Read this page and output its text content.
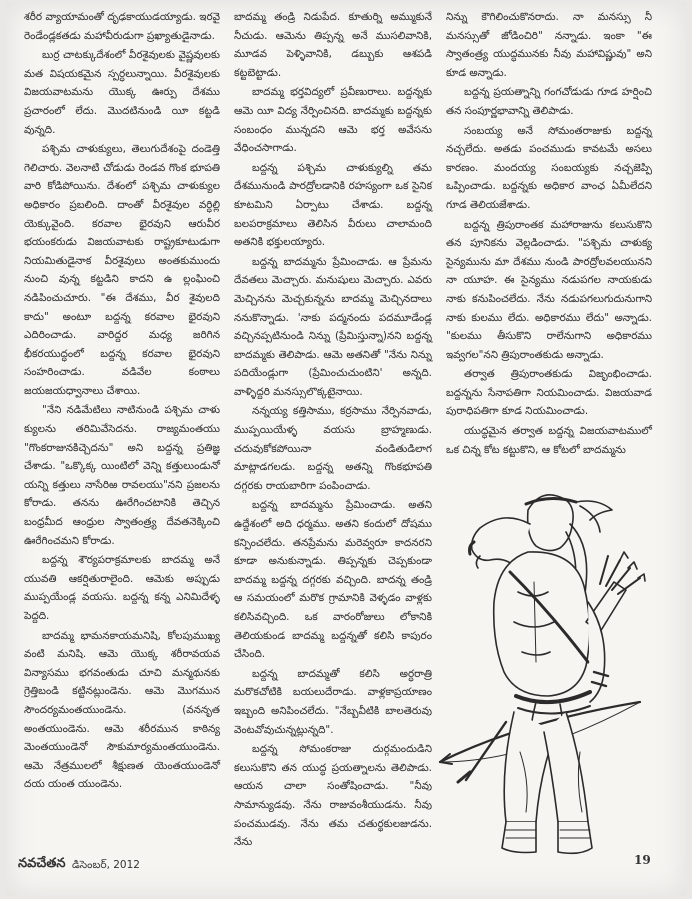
శరీర వ్యాయామంతో దృఢకాయుడయ్యాడు. ఇరవై రెండేండ్లకతడు మహావీరుడుగా ప్రఖ్యాతుడైనాడు.

బుర్ర చాటక్కుదేశంలో వీరశైవులకు వైష్ణవులకు మత విషయకమైన స్పర్ధలున్నాయి. వీరశైవులకు విజయవాటమను యొక్క ఊర్పు దేశము ప్రచారంలో లేదు. మొదటినుండి యీ కట్టడి వున్నది.

పశ్చిమ చాళుక్యులు, తెలుగుదేశంపై దండెత్తి గెలిచారు. వెలనాటి చోడుడు రెండవ గొంక భూపతి వారి కోడిపోయిను. దేశంలో పశ్చిమ చాళుక్యుల అధికారం ప్రబలింది. దాంతో వీరశైవుల వర్ధిల్లి యెక్కువైంది. కరవాల భైరవుని ఆరువీర భయంకరుడు విజయవాటకు రాష్ట్రకూటుడుగా నియమితుడైనాక వీరశైవులు అంతకుముందు నుంచి వున్న కట్టడిని కాదని ఉ ల్లంఘించి నడిపించుచూరు. "ఈ దేశము, వీర శైవులది కాదు" అంటూ బద్దన్న కరవాల భైరవుని ఎదిరించాడు. వారిద్దర మధ్య జరిగిన భీకరయుద్ధంలో బద్దన్న కరవాల భైరవుని సంహరించాడు. వడివేల కంఠాలు జయజయధ్వానాలు చేశాయి.

"నేని నడిమేటిలు నాటినుండి పశ్చిమ చాళు క్యులను తరిమివేసెదను. రాజ్యమంతయు "గొంకరాజునకిచ్చెదను" అని బద్దన్న ప్రతిజ్ఞ చేశాడు. "ఒక్కొక్క యింటిలో వెన్ని కత్తులుండునో యన్ని కత్తులు నాసేరిఱ రావలయు"నని ప్రజలను కోరాడు. తనను ఊరేగించటానికి తెచ్చిన బంధ్రమీద ఆంధ్రుల స్వాతంత్ర్య దేవతనెక్కించి ఊరేగించమని కోరాడు.

బద్దన్న శౌర్యపరాక్రమాలకు బాదమ్మ అనే యువతి ఆకర్షితురాలైంది. ఆమెకు అప్పుడు ముప్పయేండ్ల వయసు. బద్దన్న కన్న ఎనిమిదేళ్ళ పెద్దది.

బాదమ్మ భామనకాయమనిషి, కోలపుముఖ్య వంటి మనిషి. ఆమె యొక్క శరీరావయవ విన్యాసము భగవంతుడు చూచి మన్మథునకు గ్రెత్తిబండి కట్టినట్లుండెను. ఆమె మొగమున సౌందర్యమంతయుండెను. (వననృత అంతయుండెను. ఆమె శరీరమున కాఠిన్య మెంతయుండెనో సౌకుమార్యమంతయుండెను. ఆమె నేత్రములలో శీక్షుణత యెంతయుండెనో దయ యంత యుండెను.

బాదమ్మ తండ్రి నిడుపేద. కూతుర్ని అమ్ముకునే నీచుడు. ఆమెను తిప్పన్న అనే ముసలివానికి, మూడవ పెళ్ళివానికి, డబ్బుకు ఆశపడి కట్టబెట్టాడు.

బాదమ్మ భర్తవిద్యలో ప్రవీణురాలు. బద్దన్నకు ఆమె యీ విద్య నేర్పించినది. బాదమ్మకు బద్దన్నకు సంబంధం మున్నదని ఆమె భర్త అవేసను వేధించసాగాడు.

బద్దన్న పశ్చిమ చాళుక్యుల్ని తమ దేశమునుండి పారద్రోలడానికి రహస్యంగా ఒక సైనిక కూటమిని ఏర్పాటు చేశాడు. బద్దన్న బలపరాక్రమాలు తెలిసిన వీరులు చాలామంది అతనికి భక్తులయ్యారు.

బద్దన్న బాదమ్మను ప్రేమించాడు. ఆ ప్రేమను దేవతలు మెచ్చారు. మనుషులు మెచ్చారు. ఎవరు మెచ్చినను మెచ్చకున్నను బాదమ్మ మెచ్చినదాలు ననుకొన్నాడు. 'నాకు పద్మనందు పదమూడేండ్ల వచ్చినప్పటినుండి నిన్ను (ప్రేమిస్తున్నా)నని బద్దన్న బాదమ్మకు తెలిపాడు. ఆమె అతనితో "నేను నిన్ను పదియేండ్లుగా (ప్రేమించుచుంటిని' అన్నది. వాళ్ళిద్దరి మనస్సులొక్కటైనాయి.

నన్నయ్య కత్తిసాము, కర్రసాము నేర్పినవాడు, ముప్పయియేళ్ళ వయసు బ్రాహ్మణుడు. చదువుకోకపోయినా వండితుడిలాగ మాట్లాడగలడు. బద్దన్న అతన్ని గొంకభూపతి దగ్గరకు రాయబారిగా పంపించాడు.

బద్దన్న బాదమ్మను ప్రేమించాడు. అతని ఉద్దేశంలో అది ధర్మము. అతని కందులో దోషము కన్పించలేదు. తనప్రేమను మరెవ్వరూ కాదనరని కూడా అనుకున్నాడు. తిప్పన్నకు చెప్పకుండా బాదమ్మ బద్దన్న దగ్గరకు వచ్చింది. బాదన్న తండ్రి ఆ సమయంలో మరొక గ్రామానికి వెళ్ళడం వాళ్లకు కలిసివచ్చింది. ఒక వారంరోజులు లోకానికి తెలియకుండ బాదమ్మ బద్దన్నతో కలిసి కాపురం చేసింది.

బద్దన్న బాదమ్మతో కలిసి అర్ధరాత్రి మరొకచోటికి బయలుదేరాడు. వాళ్లకాప్రయాణం ఇబ్బంది అనిపించలేదు. "నేబ్బవీటికి బాలతెరువు వెంటవోవుచున్నట్లున్నది".

బద్దన్న సోమంకరాజు దుర్గమందుడిని కలుసుకొని తన యుద్ధ ప్రయత్నాలను తెలిపాడు. ఆయన చాలా సంతోషించాడు. "నీవు సామాన్యుడవు. నేను రాజువంశీయుడను. నీవు పంచముడవు. నేను తమ చతుర్థకులజుడను. నేను

నిన్ను కౌగిలించుకొనరాదు. నా మనస్సు నీ మనస్సుతో జోడించిరి" నన్నాడు. ఇంకా "ఈ స్వాతంత్ర్య యుద్ధమునకు నీవు మహావిష్ణువు" అని కూడ అన్నాడు.

బద్దన్న ప్రయత్నాన్ని గంగచోడుడు గూడ హర్షించి తన సంపూర్ణభావాన్ని తెలిపాడు.

సంబయ్య అనే సోమంతరాజుకు బద్దన్న నచ్చలేదు. అతడు పంచముడు కావటమే అసలు కారణం. మందయ్య సంబయ్యకు నచ్చజెప్పి ఒప్పించాడు. బద్దన్నకు అధికార వాంఛ ఏమీలేదని గూడ తెలియజేశాడు.

బద్దన్న త్రిపురాంతక మహారాజును కలుసుకొని తన పూనికను వెల్లడించాడు. "పశ్చిమ చాళుక్య సైన్యమును మా దేశము నుండి పారద్రోలవలయునని నా యూహ. ఈ సైన్యము నడుపగల నాయకుడు నాకు కనుపించలేదు. నేను నడుపగలుగుదునుగాని నాకు కులము లేదు. అధికారము లేదు" అన్నాడు. "కులము తీసుకొని రాలేనుగాని అధికారము ఇవ్వగల"నని త్రిపురాంతకుడు అన్నాడు.

తర్వాత త్రిపురాంతకుడు విజృంభించాడు. బద్దన్నను సేనాపతిగా నియమించాడు. విజయవాడ పురాధిపతిగా కూడ నియమించాడు.

యుద్ధమైన తర్వాత బద్దన్న విజయవాటములో ఒక చిన్న కోట కట్టుకొని, ఆ కోటలో బాదమ్మను

నవచేతన డిసెంబర్, 2012	19
